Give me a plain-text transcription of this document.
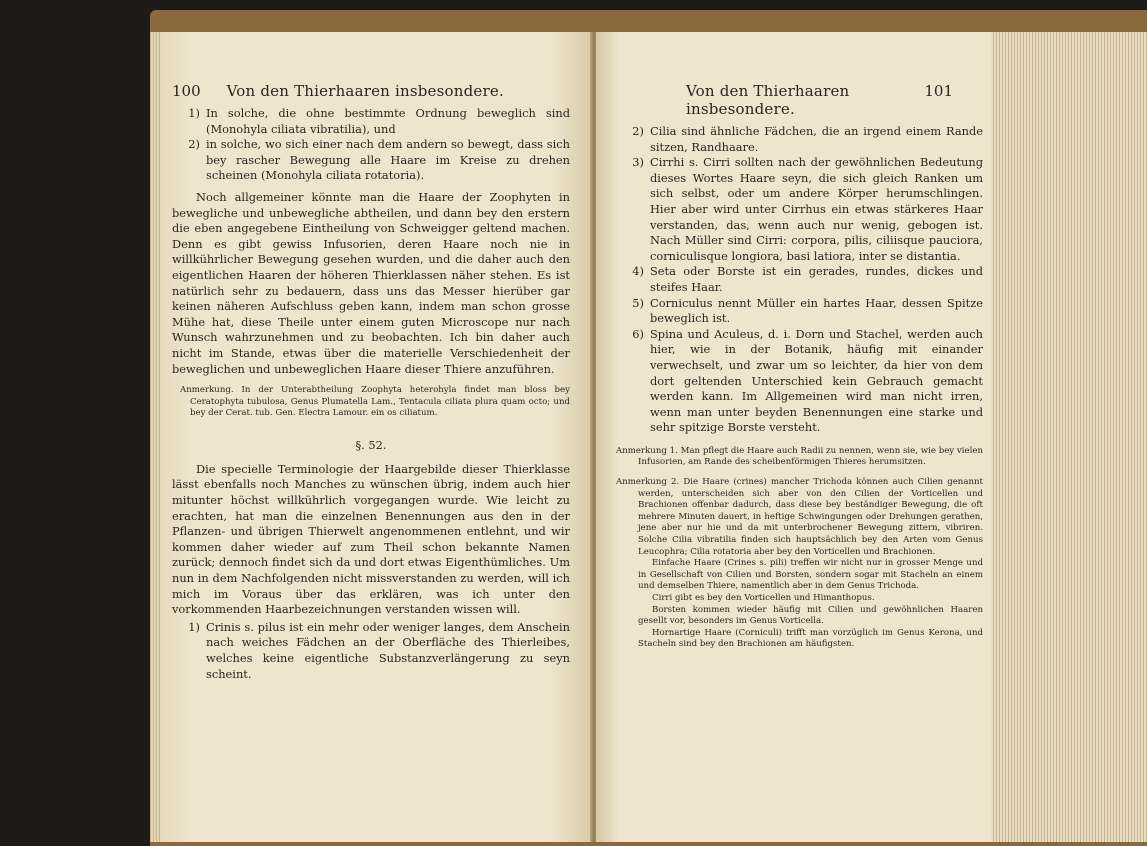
100 Von den Thierhaaren insbesondere.
1) In solche, die ohne bestimmte Ordnung beweglich sind (Monohyla ciliata vibratilia), und
2) in solche, wo sich einer nach dem andern so bewegt, dass sich bey rascher Bewegung alle Haare im Kreise zu drehen scheinen (Monohyla ciliata rotatoria).

Noch allgemeiner könnte man die Haare der Zoophyten in bewegliche und unbewegliche abtheilen, und dann bey den erstern die eben angegebene Eintheilung von Schweigger geltend machen. Denn es gibt gewiss Infusorien, deren Haare noch nie in willkührlicher Bewegung gesehen wurden, und die daher auch den eigentlichen Haaren der höheren Thierklassen näher stehen. Es ist natürlich sehr zu bedauern, dass uns das Messer hierüber gar keinen näheren Aufschluss geben kann, indem man schon grosse Mühe hat, diese Theile unter einem guten Microscope nur nach Wunsch wahrzunehmen und zu beobachten. Ich bin daher auch nicht im Stande, etwas über die materielle Verschiedenheit der beweglichen und unbeweglichen Haare dieser Thiere anzuführen.

Anmerkung. In der Unterabtheilung Zoophyta heterohyla findet man bloss bey Ceratophyta tubulosa, Genus Plumatella Lam., Tentacula ciliata plura quam octo; und bey der Cerat. tub. Gen. Electra Lamour. ein os ciliatum.

§. 52.

Die specielle Terminologie der Haargebilde dieser Thierklasse lässt ebenfalls noch Manches zu wünschen übrig, indem auch hier mitunter höchst willkührlich vorgegangen wurde. Wie leicht zu erachten, hat man die einzelnen Benennungen aus den in der Pflanzen- und übrigen Thierwelt angenommenen entlehnt, und wir kommen daher wieder auf zum Theil schon bekannte Namen zurück; dennoch findet sich da und dort etwas Eigenthümliches. Um nun in dem Nachfolgenden nicht missverstanden zu werden, will ich mich im Voraus über das erklären, was ich unter den vorkommenden Haarbezeichnungen verstanden wissen will.

1) Crinis s. pilus ist ein mehr oder weniger langes, dem Anschein nach weiches Fädchen an der Oberfläche des Thierleibes, welches keine eigentliche Substanzverlängerung zu seyn scheint.
Von den Thierhaaren insbesondere.
101
2) Cilia sind ähnliche Fädchen, die an irgend einem Rande sitzen, Randhaare.
3) Cirrhi s. Cirri sollten nach der gewöhnlichen Bedeutung dieses Wortes Haare seyn, die sich gleich Ranken um sich selbst, oder um andere Körper herumschlingen. Hier aber wird unter Cirrhus ein etwas stärkeres Haar verstanden, das, wenn auch nur wenig, gebogen ist. Nach Müller sind Cirri: corpora, pilis, ciliisque pauciora, corniculisque longiora, basi latiora, inter se distantia.
4) Seta oder Borste ist ein gerades, rundes, dickes und steifes Haar.
5) Corniculus nennt Müller ein hartes Haar, dessen Spitze beweglich ist.
6) Spina und Aculeus, d. i. Dorn und Stachel, werden auch hier, wie in der Botanik, häufig mit einander verwechselt, und zwar um so leichter, da hier von dem dort geltenden Unterschied kein Gebrauch gemacht werden kann. Im Allgemeinen wird man nicht irren, wenn man unter beyden Benennungen eine starke und sehr spitzige Borste versteht.

Anmerkung 1. Man pflegt die Haare auch Radii zu nennen, wenn sie, wie bey vielen Infusorien, am Rande des scheibenförmigen Thieres herumsitzen.

Anmerkung 2. Die Haare (crines) mancher Trichoda können auch Cilien genannt werden, unterscheiden sich aber von den Cilien der Vorticellen und Brachionen offenbar dadurch, dass diese bey beständiger Bewegung, die oft mehrere Minuten dauert, in heftige Schwingungen oder Drehungen gerathen, jene aber nur hie und da mit unterbrochener Bewegung zittern, vibriren. Solche Cilia vibratilia finden sich hauptsächlich bey den Arten vom Genus Leucophra; Cilia rotatoria aber bey den Vorticellen und Brachionen.

Einfache Haare (Crines s. pili) treffen wir nicht nur in grosser Menge und in Gesellschaft von Cilien und Borsten, sondern sogar mit Stacheln an einem und demselben Thiere, namentlich aber in dem Genus Trichoda.

Cirri gibt es bey den Vorticellen und Himanthopus.

Borsten kommen wieder häufig mit Cilien und gewöhnlichen Haaren gesellt vor, besonders im Genus Vorticella.

Hornartige Haare (Corniculi) trifft man vorzüglich im Genus Kerona, und Stacheln sind bey den Brachionen am häufigsten.
